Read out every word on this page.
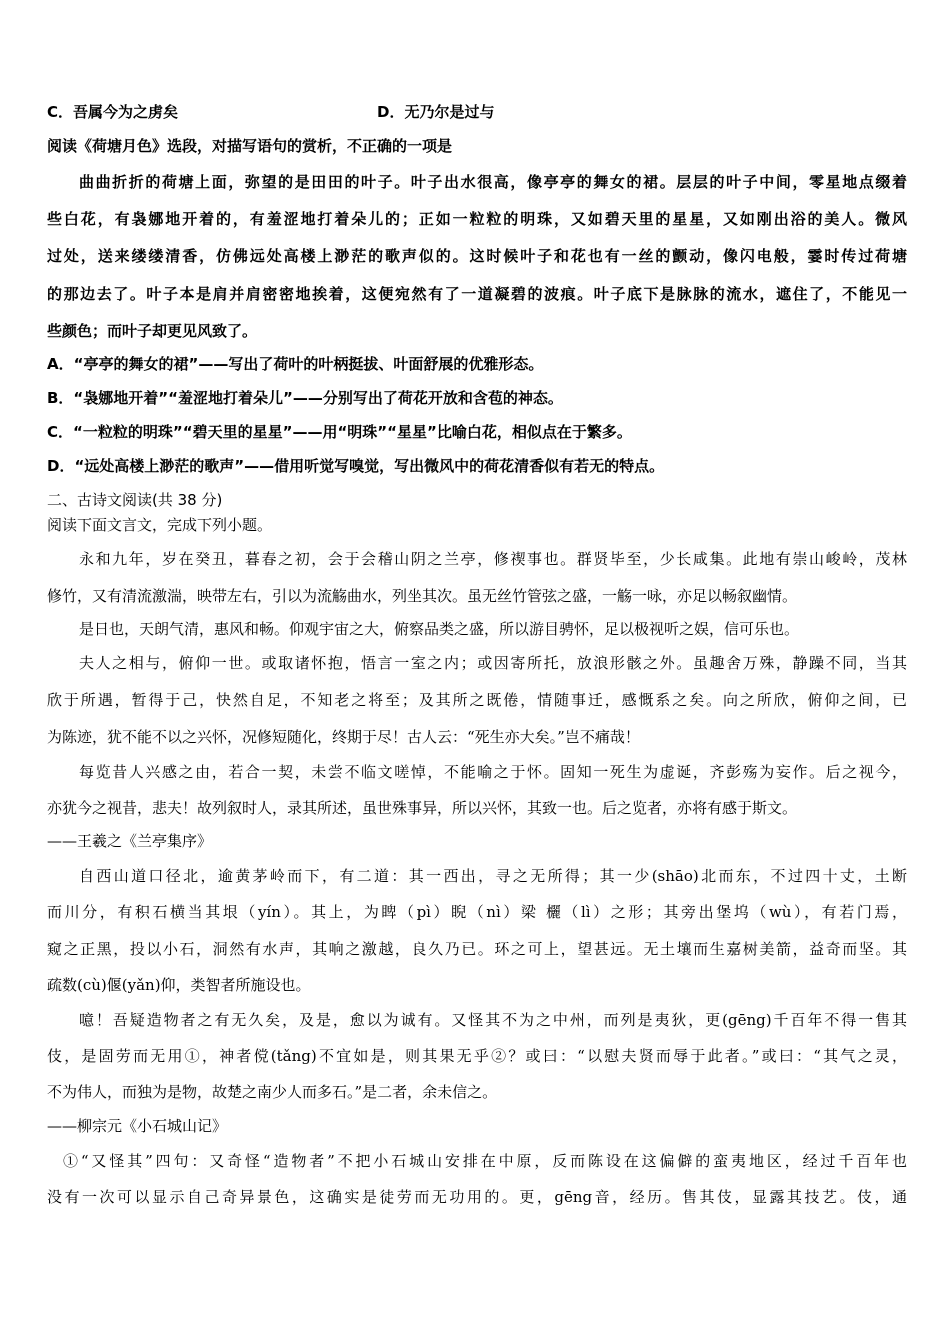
C．吾属今为之虏矣	D．无乃尔是过与
阅读《荷塘月色》选段，对描写语句的赏析，不正确的一项是
曲曲折折的荷塘上面，弥望的是田田的叶子。叶子出水很高，像亭亭的舞女的裙。层层的叶子中间，零星地点缀着
些白花，有袅娜地开着的，有羞涩地打着朵儿的；正如一粒粒的明珠，又如碧天里的星星，又如刚出浴的美人。微风
过处，送来缕缕清香，仿佛远处高楼上渺茫的歌声似的。这时候叶子和花也有一丝的颤动，像闪电般，霎时传过荷塘
的那边去了。叶子本是肩并肩密密地挨着，这便宛然有了一道凝碧的波痕。叶子底下是脉脉的流水，遮住了，不能见一
些颜色；而叶子却更见风致了。
A．“亭亭的舞女的裙”——写出了荷叶的叶柄挺拔、叶面舒展的优雅形态。
B．“袅娜地开着”“羞涩地打着朵儿”——分别写出了荷花开放和含苞的神态。
C．“一粒粒的明珠”“碧天里的星星”——用“明珠”“星星”比喻白花，相似点在于繁多。
D．“远处高楼上渺茫的歌声”——借用听觉写嗅觉，写出微风中的荷花清香似有若无的特点。
二、古诗文阅读(共 38 分)
阅读下面文言文，完成下列小题。
永和九年，岁在癸丑，暮春之初，会于会稽山阴之兰亭，修禊事也。群贤毕至，少长咸集。此地有崇山峻岭，茂林
修竹，又有清流激湍，映带左右，引以为流觞曲水，列坐其次。虽无丝竹管弦之盛，一觞一咏，亦足以畅叙幽情。
是日也，天朗气清，惠风和畅。仰观宇宙之大，俯察品类之盛，所以游目骋怀，足以极视听之娱，信可乐也。
夫人之相与，俯仰一世。或取诸怀抱，悟言一室之内；或因寄所托，放浪形骸之外。虽趣舍万殊，静躁不同，当其
欣于所遇，暂得于己，快然自足，不知老之将至；及其所之既倦，情随事迁，感慨系之矣。向之所欣，俯仰之间，已
为陈迹，犹不能不以之兴怀，况修短随化，终期于尽！古人云：“死生亦大矣。”岂不痛哉！
每览昔人兴感之由，若合一契，未尝不临文嗟悼，不能喻之于怀。固知一死生为虚诞，齐彭殇为妄作。后之视今，
亦犹今之视昔，悲夫！故列叙时人，录其所述，虽世殊事异，所以兴怀，其致一也。后之览者，亦将有感于斯文。
——王羲之《兰亭集序》
自西山道口径北，逾黄茅岭而下，有二道：其一西出，寻之无所得；其一少(shāo)北而东，不过四十丈，土断
而川分，有积石横当其垠（yín）。其上，为睥（pì）睨（nì）梁 欐（lì）之形；其旁出堡坞（wù），有若门焉，
窥之正黑，投以小石，洞然有水声，其响之激越，良久乃已。环之可上，望甚远。无土壤而生嘉树美箭，益奇而坚。其
疏数(cù)偃(yǎn)仰，类智者所施设也。
噫！吾疑造物者之有无久矣，及是，愈以为诚有。又怪其不为之中州，而列是夷狄，更(gēng)千百年不得一售其
伎，是固劳而无用①，神者傥(tǎng)不宜如是，则其果无乎②？或曰：“以慰夫贤而辱于此者。”或曰：“其气之灵，
不为伟人，而独为是物，故楚之南少人而多石。”是二者，余未信之。
——柳宗元《小石城山记》
①“又怪其”四句：又奇怪“造物者”不把小石城山安排在中原，反而陈设在这偏僻的蛮夷地区，经过千百年也
没有一次可以显示自己奇异景色，这确实是徒劳而无功用的。更，gēng音，经历。售其伎，显露其技艺。伎，通
